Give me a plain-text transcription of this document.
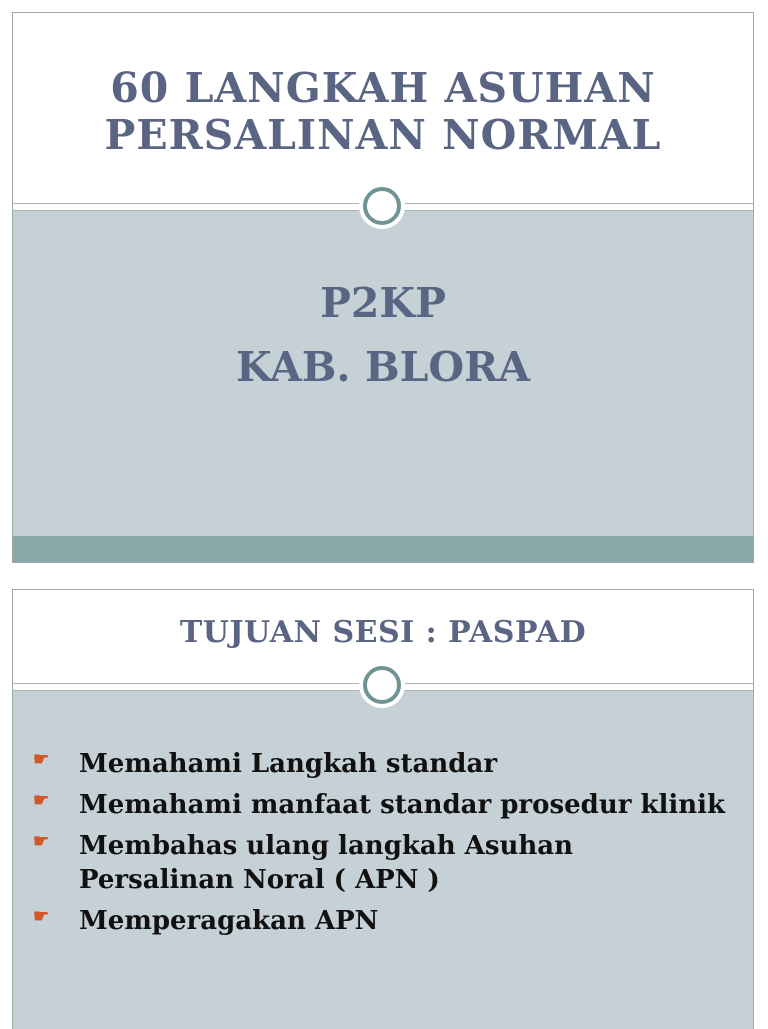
60 LANGKAH ASUHAN
PERSALINAN NORMAL
P2KP
KAB. BLORA
TUJUAN SESI : PASPAD
☛ Memahami Langkah standar
☛ Memahami manfaat standar prosedur klinik
☛ Membahas ulang langkah Asuhan Persalinan Noral ( APN )
☛ Memperagakan APN
